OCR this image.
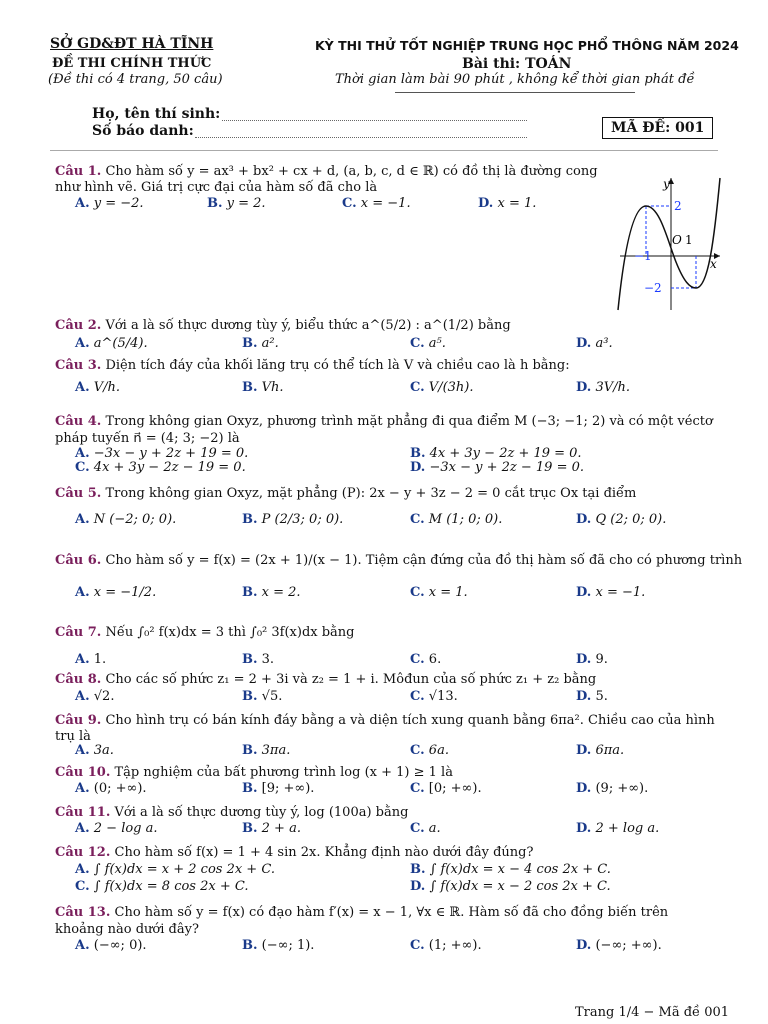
SỞ GD&ĐT HÀ TĨNH
ĐỀ THI CHÍNH THỨC
(Đề thi có 4 trang, 50 câu)
KỲ THI THỬ TỐT NGHIỆP TRUNG HỌC PHỔ THÔNG NĂM 2024
Bài thi: TOÁN
Thời gian làm bài 90 phút , không kể thời gian phát đề
Họ, tên thí sinh:
Số báo danh:	MÃ ĐỀ: 001
Câu 1. Cho hàm số y = ax³ + bx² + cx + d, (a, b, c, d ∈ ℝ) có đồ thị là đường cong
như hình vẽ. Giá trị cực đại của hàm số đã cho là
A. y = −2.	B. y = 2.	C. x = −1.	D. x = 1.
y
x
O 1
−1
2
−2
Câu 2. Với a là số thực dương tùy ý, biểu thức a^(5/2) : a^(1/2) bằng
A. a^(5/4).	B. a².	C. a⁵.	D. a³.
Câu 3. Diện tích đáy của khối lăng trụ có thể tích là V và chiều cao là h bằng:
A. V/h.	B. Vh.	C. V/(3h).	D. 3V/h.
Câu 4. Trong không gian Oxyz, phương trình mặt phẳng đi qua điểm M (−3; −1; 2) và có một véctơ
pháp tuyến n⃗ = (4; 3; −2) là
A. −3x − y + 2z + 19 = 0.	B. 4x + 3y − 2z + 19 = 0.
C. 4x + 3y − 2z − 19 = 0.	D. −3x − y + 2z − 19 = 0.
Câu 5. Trong không gian Oxyz, mặt phẳng (P): 2x − y + 3z − 2 = 0 cắt trục Ox tại điểm
A. N (−2; 0; 0).	B. P (2/3; 0; 0).	C. M (1; 0; 0).	D. Q (2; 0; 0).
Câu 6. Cho hàm số y = f(x) = (2x + 1)/(x − 1). Tiệm cận đứng của đồ thị hàm số đã cho có phương trình
A. x = −1/2.	B. x = 2.	C. x = 1.	D. x = −1.
Câu 7. Nếu ∫₀² f(x)dx = 3 thì ∫₀² 3f(x)dx bằng
A. 1.	B. 3.	C. 6.	D. 9.
Câu 8. Cho các số phức z₁ = 2 + 3i và z₂ = 1 + i. Môđun của số phức z₁ + z₂ bằng
A. √2.	B. √5.	C. √13.	D. 5.
Câu 9. Cho hình trụ có bán kính đáy bằng a và diện tích xung quanh bằng 6πa². Chiều cao của hình
trụ là
A. 3a.	B. 3πa.	C. 6a.	D. 6πa.
Câu 10. Tập nghiệm của bất phương trình log (x + 1) ≥ 1 là
A. (0; +∞).	B. [9; +∞).	C. [0; +∞).	D. (9; +∞).
Câu 11. Với a là số thực dương tùy ý, log (100a) bằng
A. 2 − log a.	B. 2 + a.	C. a.	D. 2 + log a.
Câu 12. Cho hàm số f(x) = 1 + 4 sin 2x. Khẳng định nào dưới đây đúng?
A. ∫ f(x)dx = x + 2 cos 2x + C.	B. ∫ f(x)dx = x − 4 cos 2x + C.
C. ∫ f(x)dx = 8 cos 2x + C.	D. ∫ f(x)dx = x − 2 cos 2x + C.
Câu 13. Cho hàm số y = f(x) có đạo hàm f′(x) = x − 1, ∀x ∈ ℝ. Hàm số đã cho đồng biến trên
khoảng nào dưới đây?
A. (−∞; 0).	B. (−∞; 1).	C. (1; +∞).	D. (−∞; +∞).
Trang 1/4 − Mã đề 001
